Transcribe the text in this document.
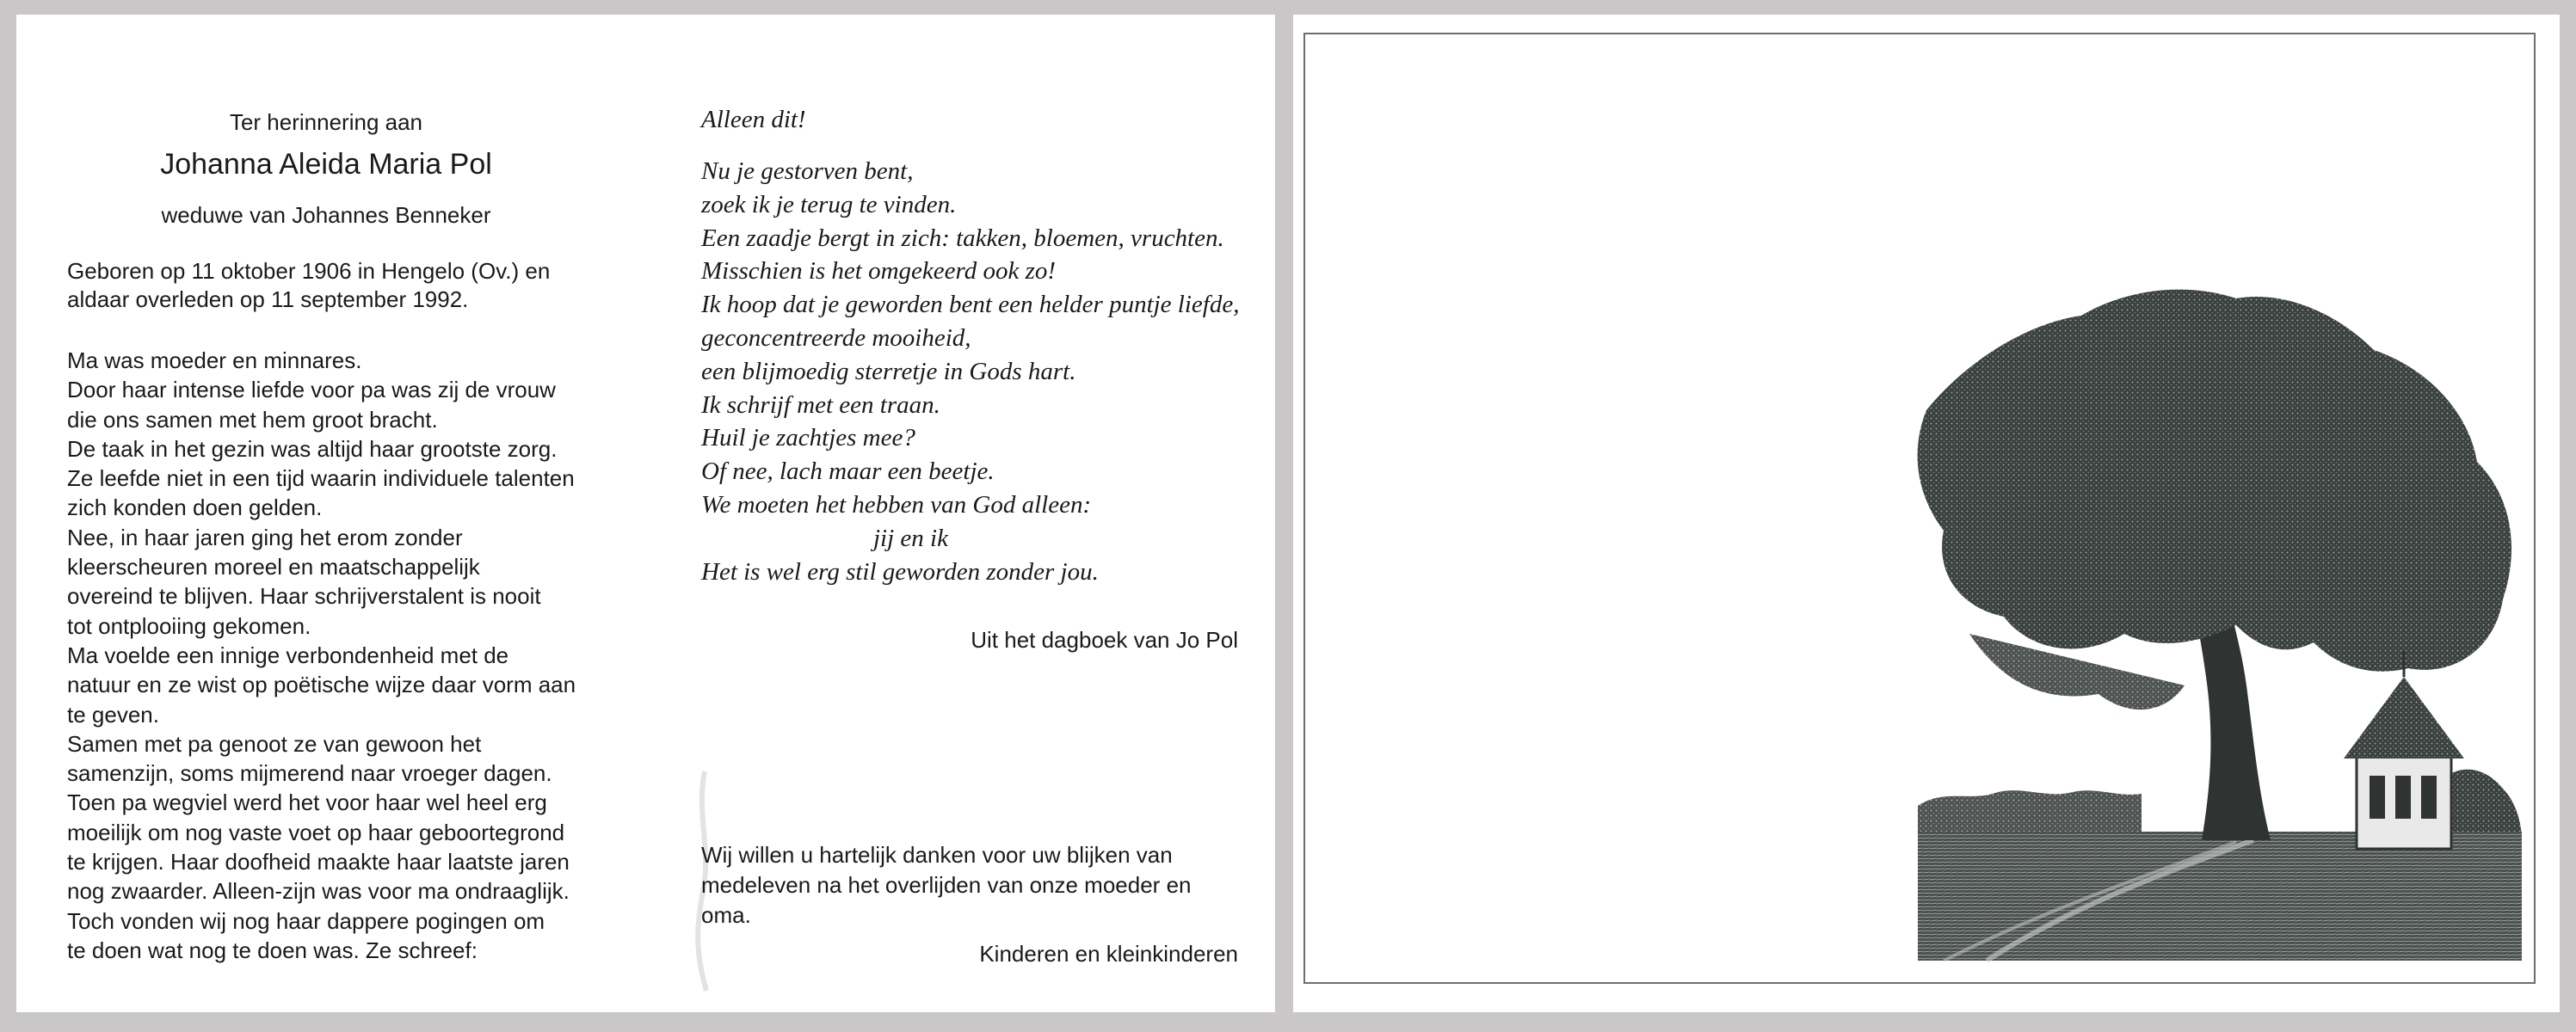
Ter herinnering aan
Johanna Aleida Maria Pol
weduwe van Johannes Benneker

Geboren op 11 oktober 1906 in Hengelo (Ov.) en
aldaar overleden op 11 september 1992.

Ma was moeder en minnares.
Door haar intense liefde voor pa was zij de vrouw
die ons samen met hem groot bracht.
De taak in het gezin was altijd haar grootste zorg.
Ze leefde niet in een tijd waarin individuele talenten
zich konden doen gelden.
Nee, in haar jaren ging het erom zonder
kleerscheuren moreel en maatschappelijk
overeind te blijven. Haar schrijverstalent is nooit
tot ontplooiing gekomen.
Ma voelde een innige verbondenheid met de
natuur en ze wist op poëtische wijze daar vorm aan
te geven.
Samen met pa genoot ze van gewoon het
samenzijn, soms mijmerend naar vroeger dagen.
Toen pa wegviel werd het voor haar wel heel erg
moeilijk om nog vaste voet op haar geboortegrond
te krijgen. Haar doofheid maakte haar laatste jaren
nog zwaarder. Alleen-zijn was voor ma ondraaglijk.
Toch vonden wij nog haar dappere pogingen om
te doen wat nog te doen was. Ze schreef:
Alleen dit!
Nu je gestorven bent,
zoek ik je terug te vinden.
Een zaadje bergt in zich: takken, bloemen, vruchten.
Misschien is het omgekeerd ook zo!
Ik hoop dat je geworden bent een helder puntje liefde,
geconcentreerde mooiheid,
een blijmoedig sterretje in Gods hart.
Ik schrijf met een traan.
Huil je zachtjes mee?
Of nee, lach maar een beetje.
We moeten het hebben van God alleen:
jij en ik
Het is wel erg stil geworden zonder jou.
Uit het dagboek van Jo Pol

Wij willen u hartelijk danken voor uw blijken van
medeleven na het overlijden van onze moeder en
oma.

Kinderen en kleinkinderen
